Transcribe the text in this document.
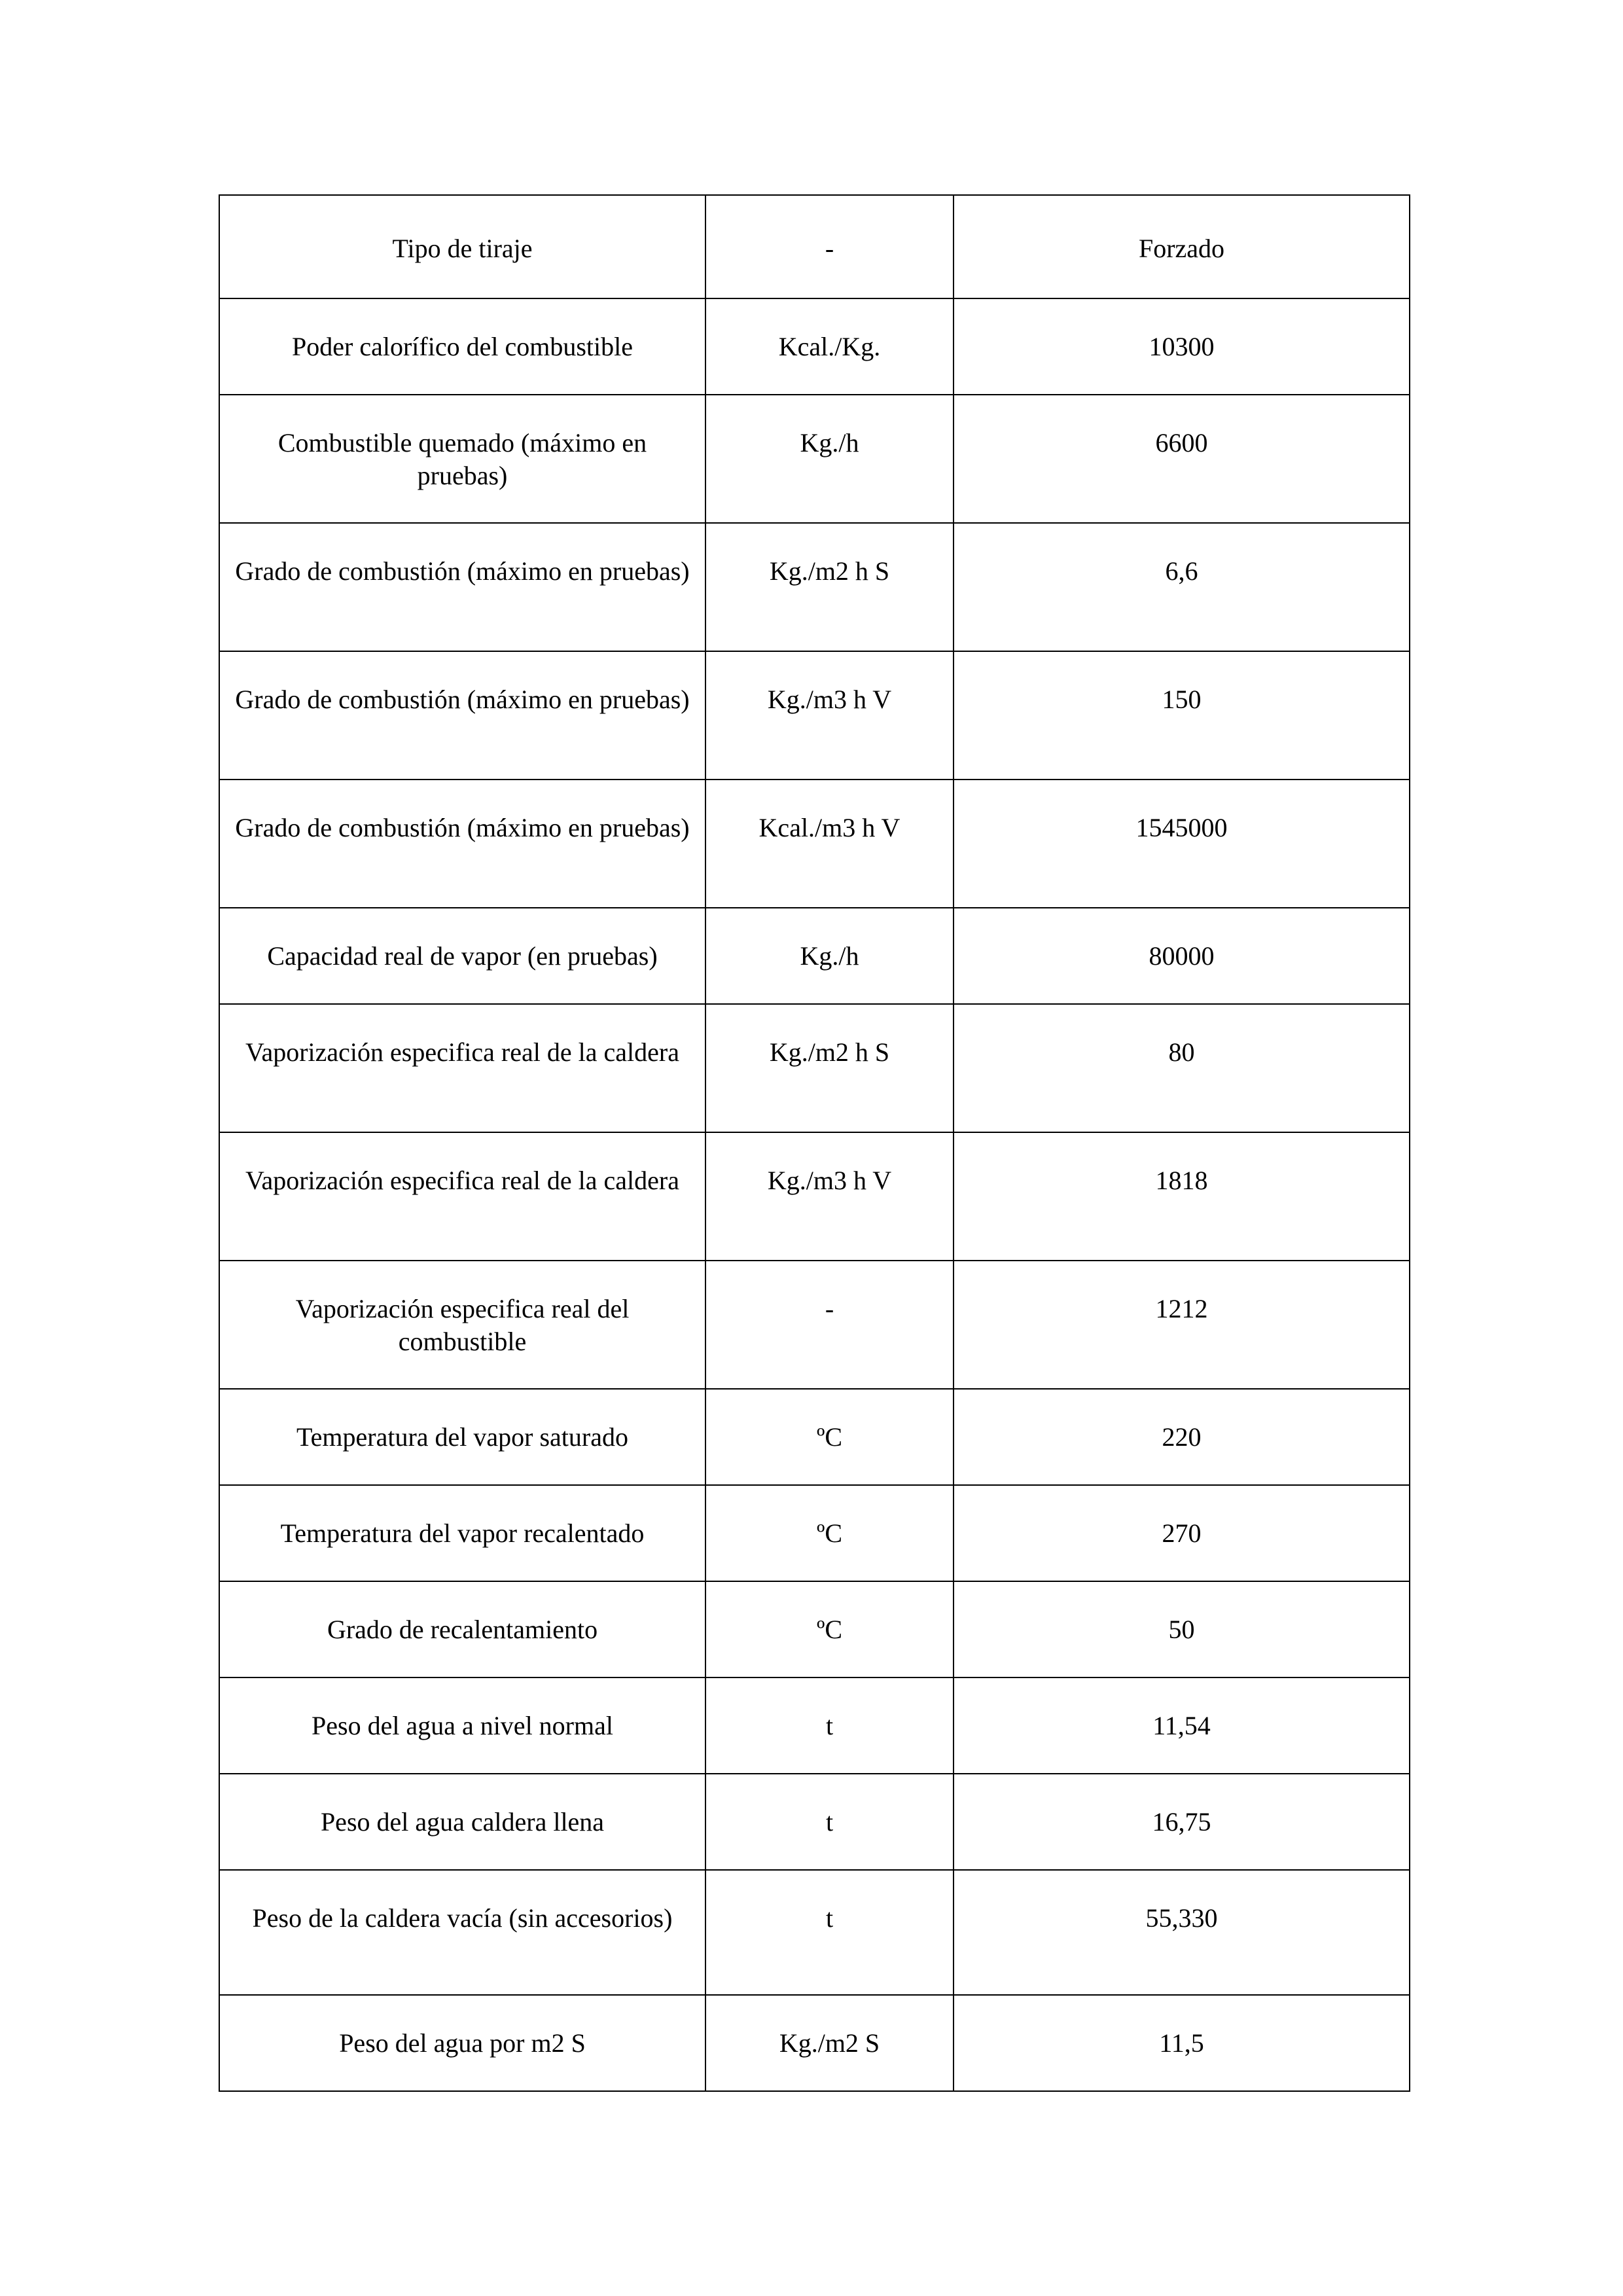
Tipo de tiraje	-	Forzado
Poder calorífico del combustible	Kcal./Kg.	10300
Combustible quemado (máximo en pruebas)	Kg./h	6600
Grado de combustión (máximo en pruebas)	Kg./m2 h S	6,6
Grado de combustión (máximo en pruebas)	Kg./m3 h V	150
Grado de combustión (máximo en pruebas)	Kcal./m3 h V	1545000
Capacidad real de vapor (en pruebas)	Kg./h	80000
Vaporización especifica real de la caldera	Kg./m2 h S	80
Vaporización especifica real de la caldera	Kg./m3 h V	1818
Vaporización especifica real del combustible	-	1212
Temperatura del vapor saturado	ºC	220
Temperatura del vapor recalentado	ºC	270
Grado de recalentamiento	ºC	50
Peso del agua a nivel normal	t	11,54
Peso del agua caldera llena	t	16,75
Peso de la caldera vacía (sin accesorios)	t	55,330
Peso del agua por m2 S	Kg./m2 S	11,5
